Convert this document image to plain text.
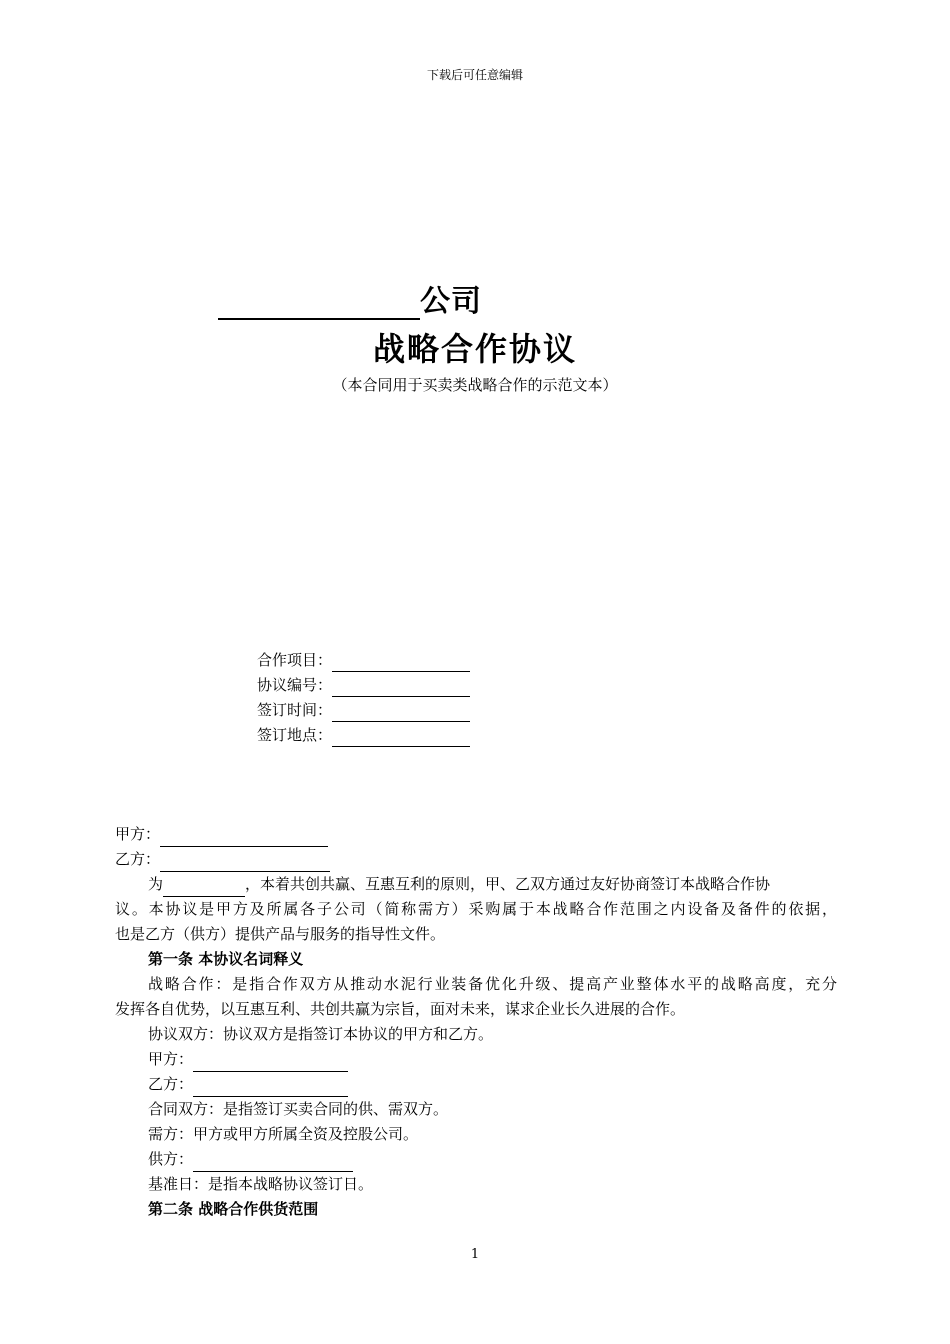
下载后可任意编辑
公司
战略合作协议
（本合同用于买卖类战略合作的示范文本）
合作项目：
协议编号：
签订时间：
签订地点：
甲方：
乙方：
为	，本着共创共赢、互惠互利的原则，甲、乙双方通过友好协商签订本战略合作协
议。本协议是甲方及所属各子公司（简称需方）采购属于本战略合作范围之内设备及备件的依据，
也是乙方（供方）提供产品与服务的指导性文件。
第一条 本协议名词释义
战略合作：是指合作双方从推动水泥行业装备优化升级、提高产业整体水平的战略高度，充分
发挥各自优势，以互惠互利、共创共赢为宗旨，面对未来，谋求企业长久进展的合作。
协议双方：协议双方是指签订本协议的甲方和乙方。
甲方：
乙方：
合同双方：是指签订买卖合同的供、需双方。
需方：甲方或甲方所属全资及控股公司。
供方：
基准日：是指本战略协议签订日。
第二条 战略合作供货范围
1
